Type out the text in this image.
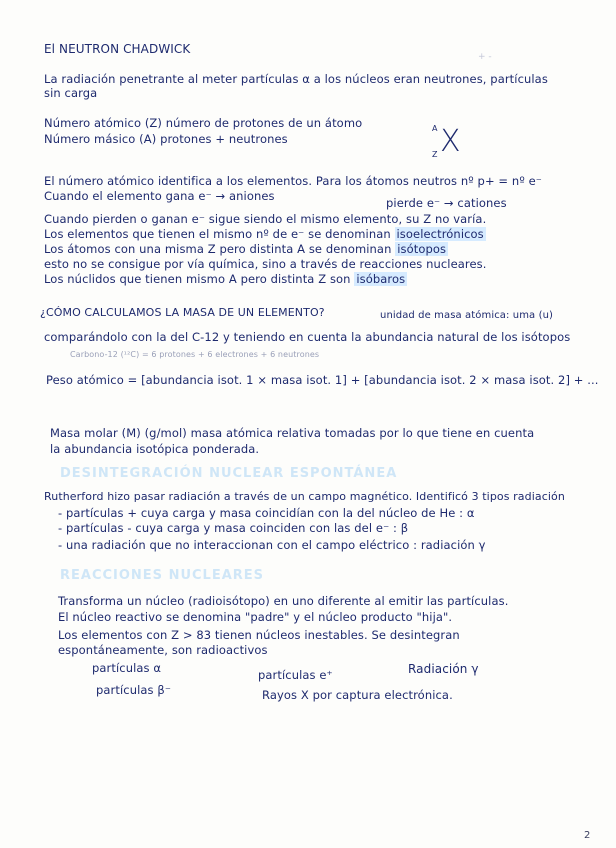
El NEUTRON CHADWICK
+ -
La radiación penetrante al meter partículas α a los núcleos eran neutrones, partículas
sin carga
Número atómico (Z) número de protones de un átomo
Número másico (A) protones + neutrones
A
Z X
El número atómico identifica a los elementos. Para los átomos neutros nº p+ = nº e⁻
Cuando el elemento gana e⁻ → aniones	pierde e⁻ → cationes
Cuando pierden o ganan e⁻ sigue siendo el mismo elemento, su Z no varía.
Los elementos que tienen el mismo nº de e⁻ se denominan isoelectrónicos
Los átomos con una misma Z pero distinta A se denominan isótopos
esto no se consigue por vía química, sino a través de reacciones nucleares.
Los núclidos que tienen mismo A pero distinta Z son isóbaros
¿CÓMO CALCULAMOS LA MASA DE UN ELEMENTO?	unidad de masa atómica: uma (u)
comparándolo con la del C-12 y teniendo en cuenta la abundancia natural de los isótopos
Carbono-12 (¹²C) = 6 protones + 6 electrones + 6 neutrones
Peso atómico = [abundancia isot. 1 × masa isot. 1] + [abundancia isot. 2 × masa isot. 2] + ...
Masa molar (M) (g/mol) masa atómica relativa tomadas por lo que tiene en cuenta
la abundancia isotópica ponderada.
DESINTEGRACIÓN NUCLEAR ESPONTÁNEA
Rutherford hizo pasar radiación a través de un campo magnético. Identificó 3 tipos radiación
- partículas + cuya carga y masa coincidían con la del núcleo de He : α
- partículas - cuya carga y masa coinciden con las del e⁻ : β
- una radiación que no interaccionan con el campo eléctrico : radiación γ
REACCIONES NUCLEARES
Transforma un núcleo (radioisótopo) en uno diferente al emitir las partículas.
El núcleo reactivo se denomina "padre" y el núcleo producto "hija".
Los elementos con Z > 83 tienen núcleos inestables. Se desintegran
espontáneamente, son radioactivos
partículas α	partículas e⁺	Radiación γ
partículas β⁻	Rayos X por captura electrónica.
2
